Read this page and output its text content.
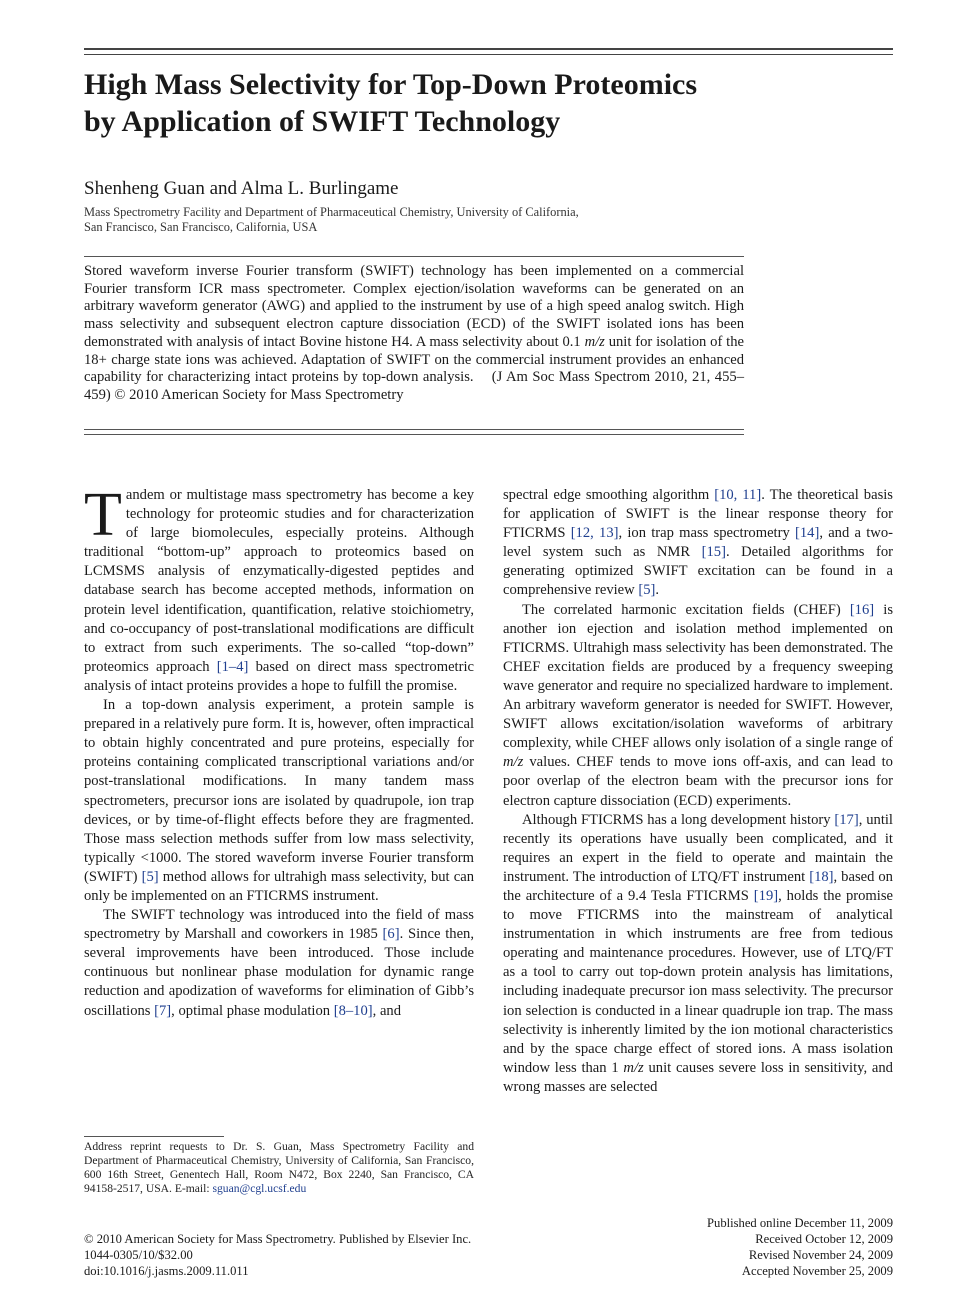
High Mass Selectivity for Top-Down Proteomics
by Application of SWIFT Technology
Shenheng Guan and Alma L. Burlingame
Mass Spectrometry Facility and Department of Pharmaceutical Chemistry, University of California,
San Francisco, San Francisco, California, USA
Stored waveform inverse Fourier transform (SWIFT) technology has been implemented on a commercial Fourier transform ICR mass spectrometer. Complex ejection/isolation waveforms can be generated on an arbitrary waveform generator (AWG) and applied to the instrument by use of a high speed analog switch. High mass selectivity and subsequent electron capture dissociation (ECD) of the SWIFT isolated ions has been demonstrated with analysis of intact Bovine histone H4. A mass selectivity about 0.1 m/z unit for isolation of the 18+ charge state ions was achieved. Adaptation of SWIFT on the commercial instrument provides an enhanced capability for characterizing intact proteins by top-down analysis. (J Am Soc Mass Spectrom 2010, 21, 455–459) © 2010 American Society for Mass Spectrometry

Tandem or multistage mass spectrometry has become a key technology for proteomic studies and for characterization of large biomolecules, especially proteins. Although traditional “bottom-up” approach to proteomics based on LCMSMS analysis of enzymatically-digested peptides and database search has become accepted methods, information on protein level identification, quantification, relative stoichiometry, and co-occupancy of post-translational modifications are difficult to extract from such experiments. The so-called “top-down” proteomics approach [1–4] based on direct mass spectrometric analysis of intact proteins provides a hope to fulfill the promise.

In a top-down analysis experiment, a protein sample is prepared in a relatively pure form. It is, however, often impractical to obtain highly concentrated and pure proteins, especially for proteins containing complicated transcriptional variations and/or post-translational modifications. In many tandem mass spectrometers, precursor ions are isolated by quadrupole, ion trap devices, or by time-of-flight effects before they are fragmented. Those mass selection methods suffer from low mass selectivity, typically <1000. The stored waveform inverse Fourier transform (SWIFT) [5] method allows for ultrahigh mass selectivity, but can only be implemented on an FTICRMS instrument.

The SWIFT technology was introduced into the field of mass spectrometry by Marshall and coworkers in 1985 [6]. Since then, several improvements have been introduced. Those include continuous but nonlinear phase modulation for dynamic range reduction and apodization of waveforms for elimination of Gibb’s oscillations [7], optimal phase modulation [8–10], and

spectral edge smoothing algorithm [10, 11]. The theoretical basis for application of SWIFT is the linear response theory for FTICRMS [12, 13], ion trap mass spectrometry [14], and a two-level system such as NMR [15]. Detailed algorithms for generating optimized SWIFT excitation can be found in a comprehensive review [5].

The correlated harmonic excitation fields (CHEF) [16] is another ion ejection and isolation method implemented on FTICRMS. Ultrahigh mass selectivity has been demonstrated. The CHEF excitation fields are produced by a frequency sweeping wave generator and require no specialized hardware to implement. An arbitrary waveform generator is needed for SWIFT. However, SWIFT allows excitation/isolation waveforms of arbitrary complexity, while CHEF allows only isolation of a single range of m/z values. CHEF tends to move ions off-axis, and can lead to poor overlap of the electron beam with the precursor ions for electron capture dissociation (ECD) experiments.

Although FTICRMS has a long development history [17], until recently its operations have usually been complicated, and it requires an expert in the field to operate and maintain the instrument. The introduction of LTQ/FT instrument [18], based on the architecture of a 9.4 Tesla FTICRMS [19], holds the promise to move FTICRMS into the mainstream of analytical instrumentation in which instruments are free from tedious operating and maintenance procedures. However, use of LTQ/FT as a tool to carry out top-down protein analysis has limitations, including inadequate precursor ion mass selectivity. The precursor ion selection is conducted in a linear quadruple ion trap. The mass selectivity is inherently limited by the ion motional characteristics and by the space charge effect of stored ions. A mass isolation window less than 1 m/z unit causes severe loss in sensitivity, and wrong masses are selected

Address reprint requests to Dr. S. Guan, Mass Spectrometry Facility and Department of Pharmaceutical Chemistry, University of California, San Francisco, 600 16th Street, Genentech Hall, Room N472, Box 2240, San Francisco, CA 94158-2517, USA. E-mail: sguan@cgl.ucsf.edu
© 2010 American Society for Mass Spectrometry. Published by Elsevier Inc.
1044-0305/10/$32.00
doi:10.1016/j.jasms.2009.11.011
Published online December 11, 2009
Received October 12, 2009
Revised November 24, 2009
Accepted November 25, 2009
